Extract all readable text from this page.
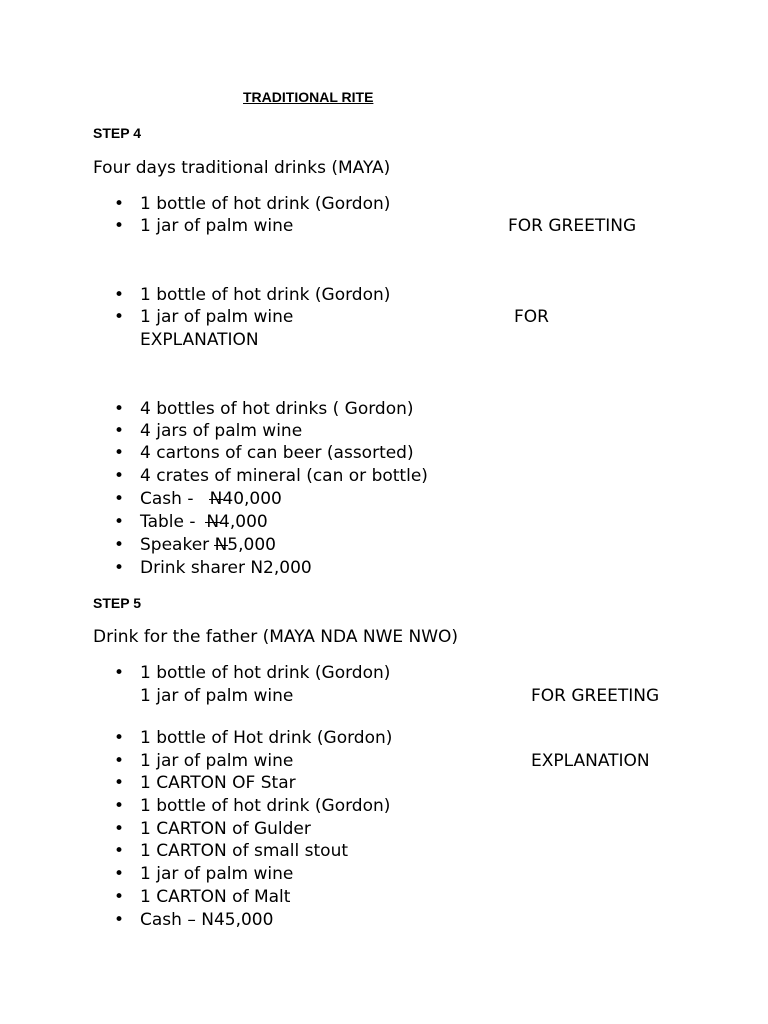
TRADITIONAL RITE
STEP 4
Four days traditional drinks (MAYA)
• 1 bottle of hot drink (Gordon)
• 1 jar of palm wine	FOR GREETING
• 1 bottle of hot drink (Gordon)
• 1 jar of palm wine	FOR
EXPLANATION
• 4 bottles of hot drinks ( Gordon)
• 4 jars of palm wine
• 4 cartons of can beer (assorted)
• 4 crates of mineral (can or bottle)
• Cash -   N40,000
• Table -  N4,000
• Speaker N5,000
• Drink sharer N2,000
STEP 5
Drink for the father (MAYA NDA NWE NWO)
• 1 bottle of hot drink (Gordon)
1 jar of palm wine	FOR GREETING
• 1 bottle of Hot drink (Gordon)
• 1 jar of palm wine	EXPLANATION
• 1 CARTON OF Star
• 1 bottle of hot drink (Gordon)
• 1 CARTON of Gulder
• 1 CARTON of small stout
• 1 jar of palm wine
• 1 CARTON of Malt
• Cash – N45,000
